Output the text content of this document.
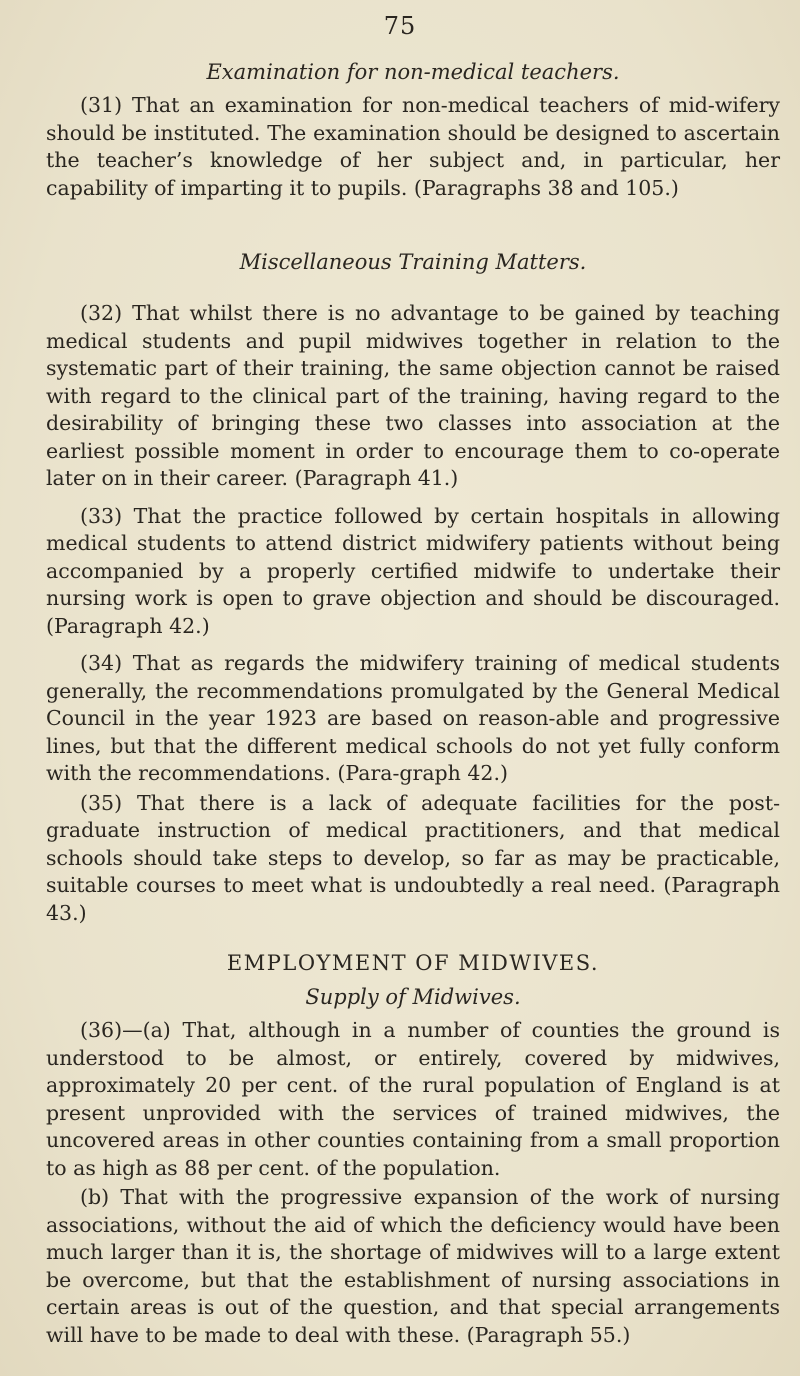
75
Examination for non-medical teachers.

(31) That an examination for non-medical teachers of mid-wifery should be instituted. The examination should be designed to ascertain the teacher’s knowledge of her subject and, in particular, her capability of imparting it to pupils. (Paragraphs 38 and 105.)

Miscellaneous Training Matters.

(32) That whilst there is no advantage to be gained by teaching medical students and pupil midwives together in relation to the systematic part of their training, the same objection cannot be raised with regard to the clinical part of the training, having regard to the desirability of bringing these two classes into association at the earliest possible moment in order to encourage them to co-operate later on in their career. (Paragraph 41.)

(33) That the practice followed by certain hospitals in allowing medical students to attend district midwifery patients without being accompanied by a properly certified midwife to undertake their nursing work is open to grave objection and should be discouraged. (Paragraph 42.)

(34) That as regards the midwifery training of medical students generally, the recommendations promulgated by the General Medical Council in the year 1923 are based on reason-able and progressive lines, but that the different medical schools do not yet fully conform with the recommendations. (Para-graph 42.)

(35) That there is a lack of adequate facilities for the post-graduate instruction of medical practitioners, and that medical schools should take steps to develop, so far as may be practicable, suitable courses to meet what is undoubtedly a real need. (Paragraph 43.)

EMPLOYMENT OF MIDWIVES.
Supply of Midwives.

(36)—(a) That, although in a number of counties the ground is understood to be almost, or entirely, covered by midwives, approximately 20 per cent. of the rural population of England is at present unprovided with the services of trained midwives, the uncovered areas in other counties containing from a small proportion to as high as 88 per cent. of the population.

(b) That with the progressive expansion of the work of nursing associations, without the aid of which the deficiency would have been much larger than it is, the shortage of midwives will to a large extent be overcome, but that the establishment of nursing associations in certain areas is out of the question, and that special arrangements will have to be made to deal with these. (Paragraph 55.)
